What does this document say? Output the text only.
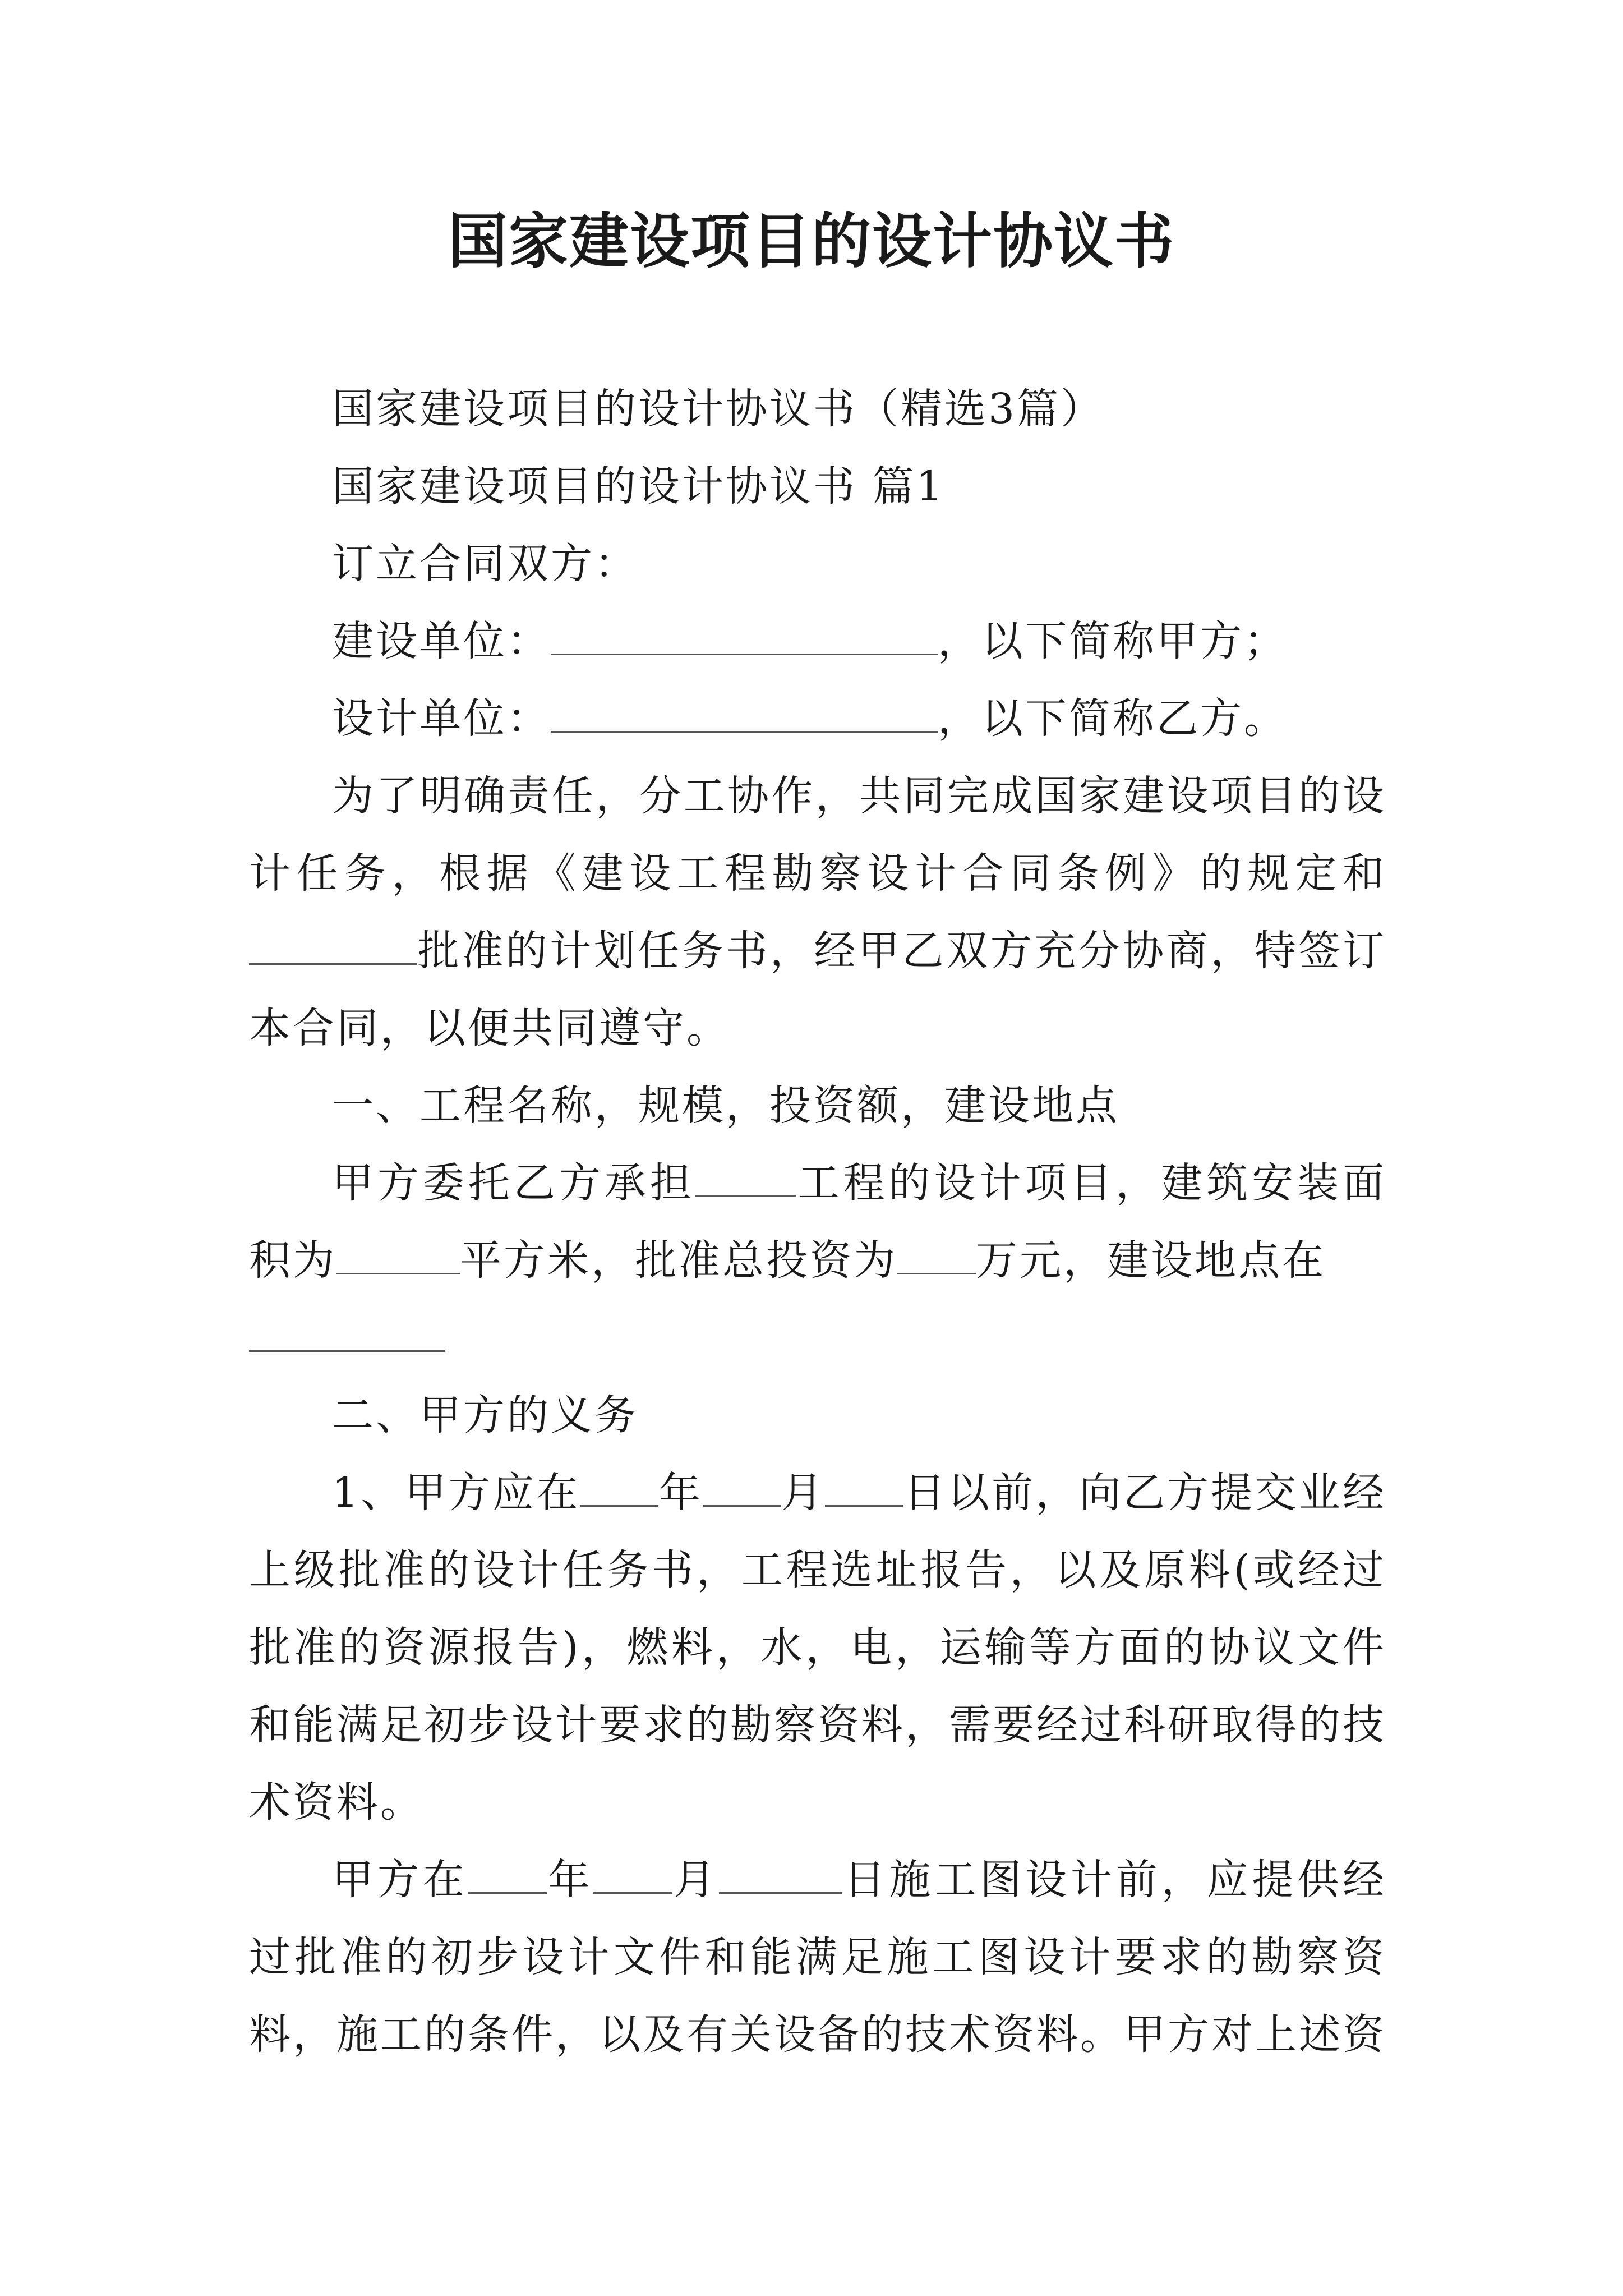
国家建设项目的设计协议书

国家建设项目的设计协议书（精选3篇）

国家建设项目的设计协议书 篇1

订立合同双方：

建设单位：	，以下简称甲方；

设计单位：	，以下简称乙方。

为了明确责任，分工协作，共同完成国家建设项目的设计任务，根据《建设工程勘察设计合同条例》的规定和批准的计划任务书，经甲乙双方充分协商，特签订本合同，以便共同遵守。

一、工程名称，规模，投资额，建设地点

甲方委托乙方承担 工程的设计项目，建筑安装面积为	平方米，批准总投资为 万元，建设地点在

二、甲方的义务

1、甲方应在 年 月 日以前，向乙方提交业经上级批准的设计任务书，工程选址报告，以及原料(或经过批准的资源报告)，燃料，水，电，运输等方面的协议文件和能满足初步设计要求的勘察资料，需要经过科研取得的技术资料。

甲方在 年 月	日施工图设计前，应提供经过批准的初步设计文件和能满足施工图设计要求的勘察资料，施工的条件，以及有关设备的技术资料。甲方对上述资
